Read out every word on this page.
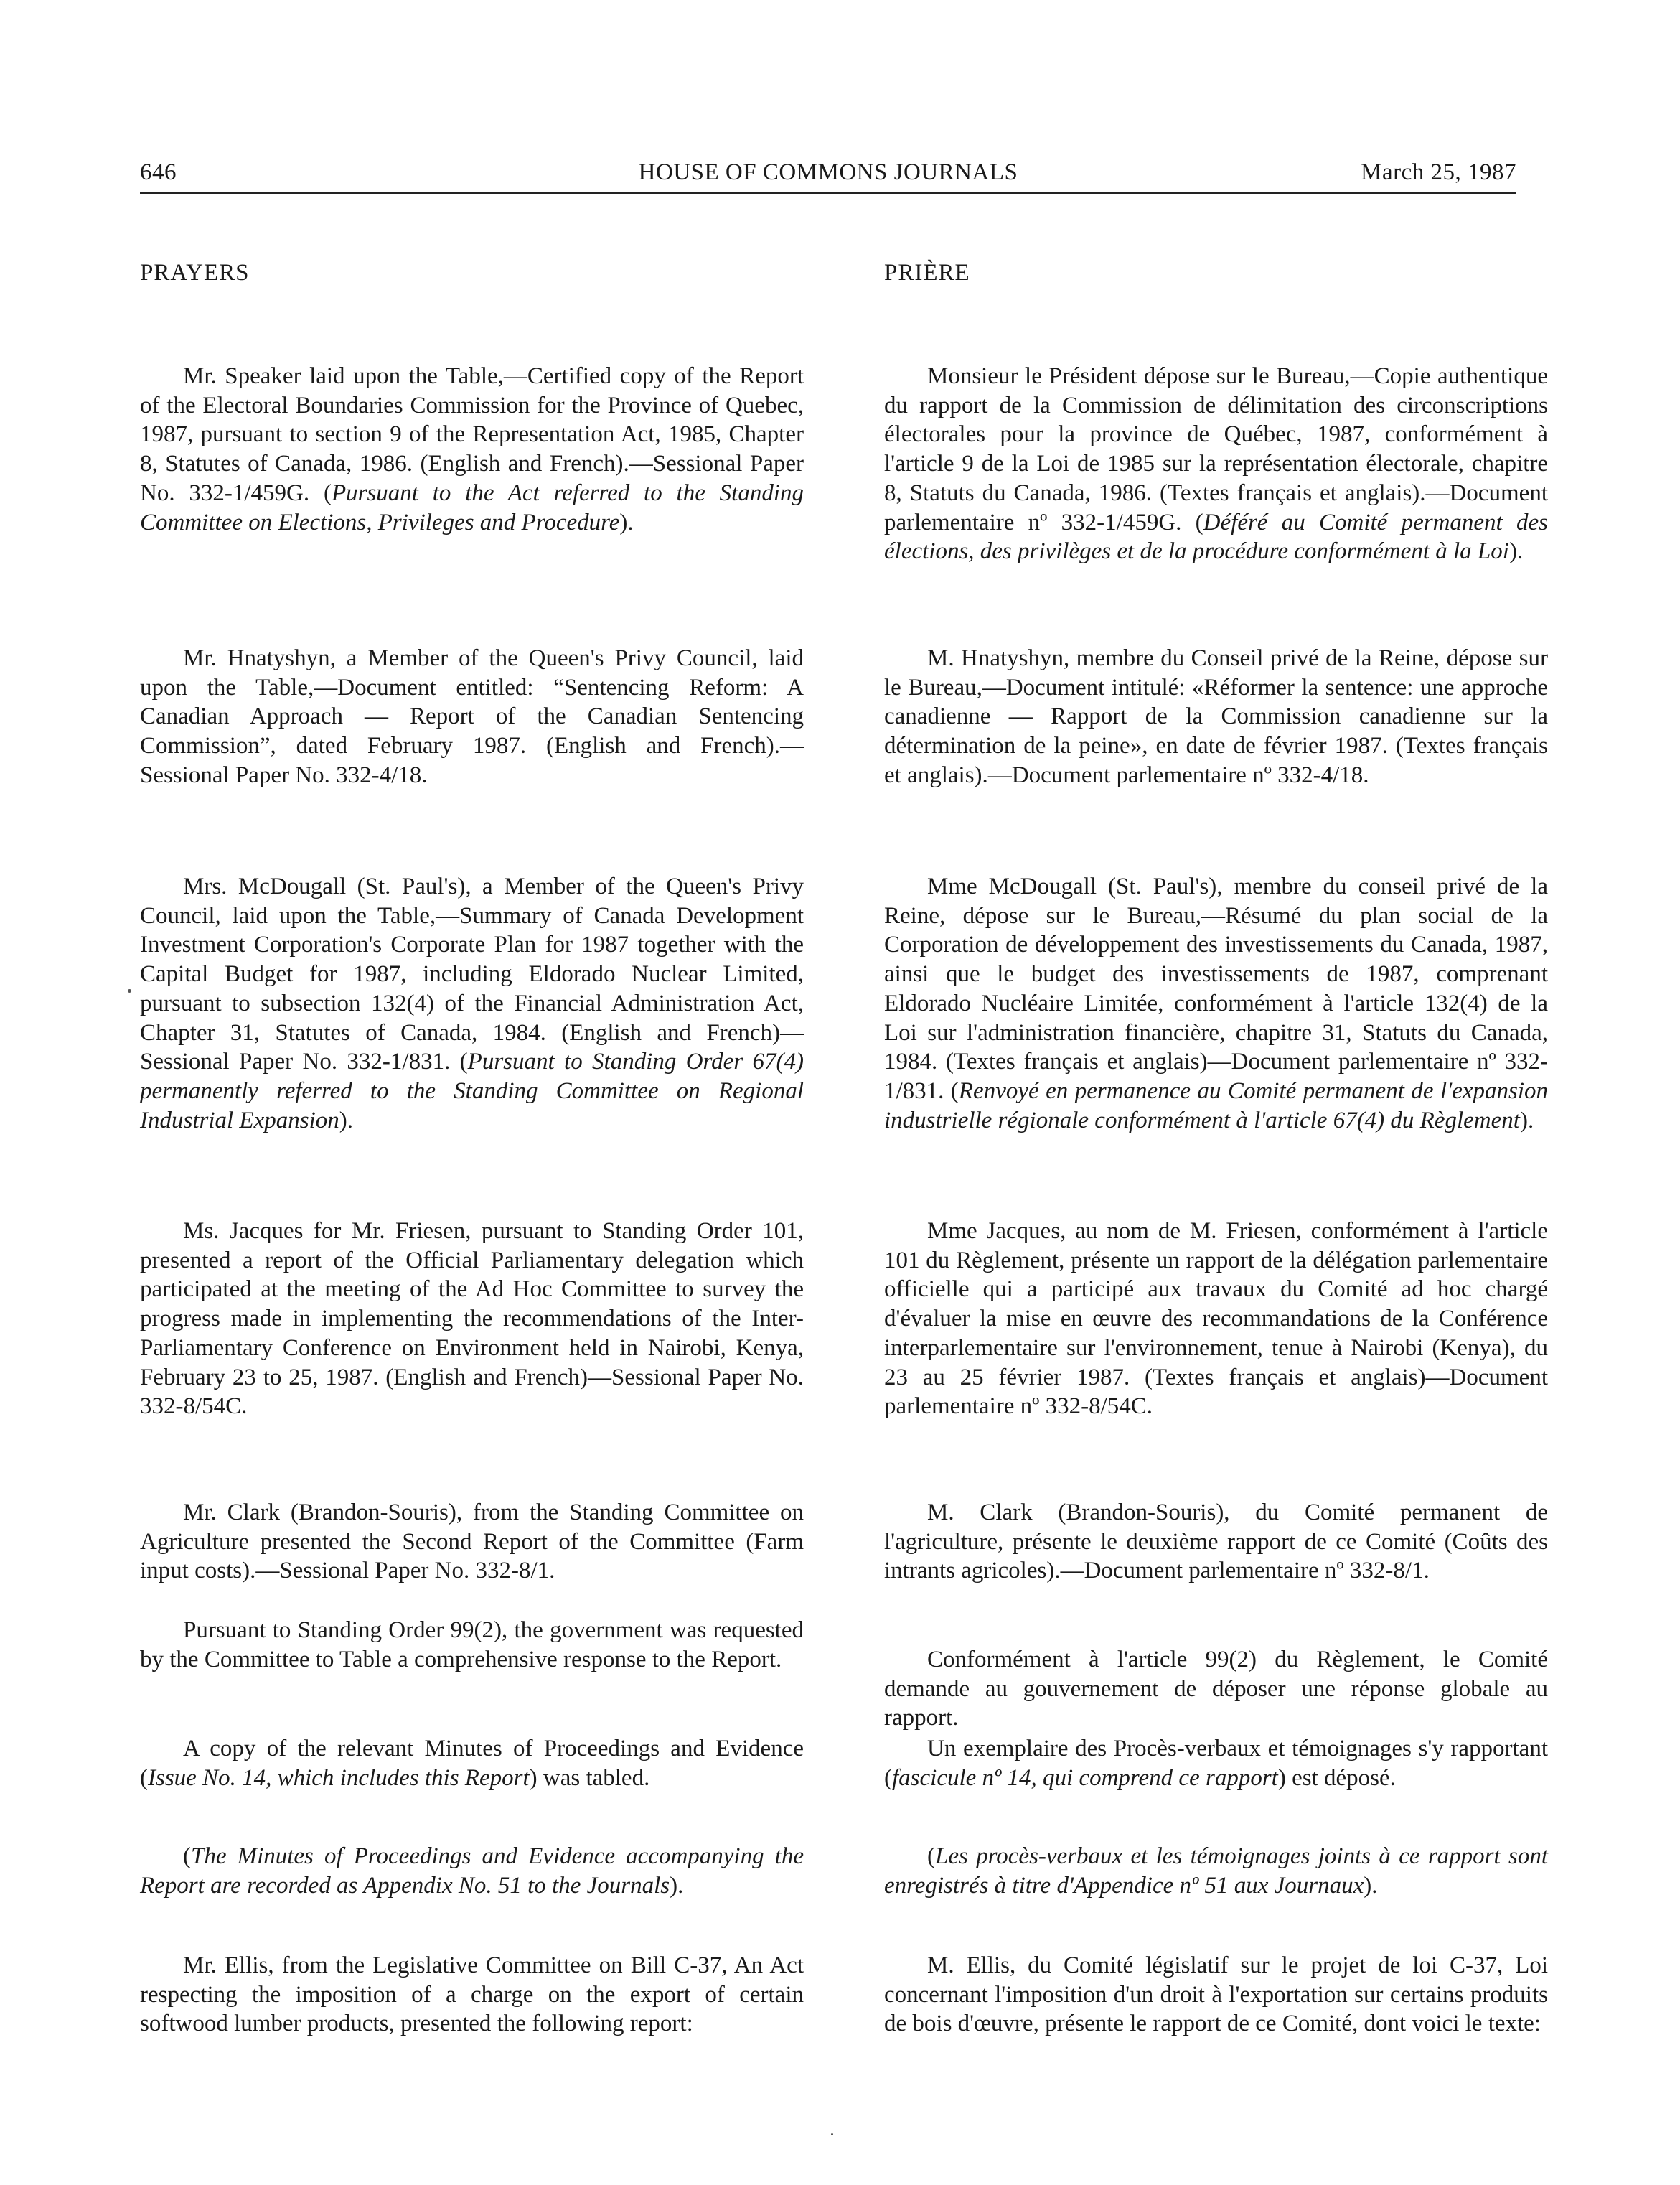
646	HOUSE OF COMMONS JOURNALS	March 25, 1987
PRAYERS

Mr. Speaker laid upon the Table,—Certified copy of the Report of the Electoral Boundaries Commission for the Province of Quebec, 1987, pursuant to section 9 of the Representation Act, 1985, Chapter 8, Statutes of Canada, 1986. (English and French).—Sessional Paper No. 332-1/459G. (Pursuant to the Act referred to the Standing Committee on Elections, Privileges and Procedure).

Mr. Hnatyshyn, a Member of the Queen's Privy Council, laid upon the Table,—Document entitled: “Sentencing Reform: A Canadian Approach — Report of the Canadian Sentencing Commission”, dated February 1987. (English and French).—Sessional Paper No. 332-4/18.

Mrs. McDougall (St. Paul's), a Member of the Queen's Privy Council, laid upon the Table,—Summary of Canada Development Investment Corporation's Corporate Plan for 1987 together with the Capital Budget for 1987, including Eldorado Nuclear Limited, pursuant to subsection 132(4) of the Financial Administration Act, Chapter 31, Statutes of Canada, 1984. (English and French)—Sessional Paper No. 332-1/831. (Pursuant to Standing Order 67(4) permanently referred to the Standing Committee on Regional Industrial Expansion).

Ms. Jacques for Mr. Friesen, pursuant to Standing Order 101, presented a report of the Official Parliamentary delegation which participated at the meeting of the Ad Hoc Committee to survey the progress made in implementing the recommendations of the Inter-Parliamentary Conference on Environment held in Nairobi, Kenya, February 23 to 25, 1987. (English and French)—Sessional Paper No. 332-8/54C.

Mr. Clark (Brandon-Souris), from the Standing Committee on Agriculture presented the Second Report of the Committee (Farm input costs).—Sessional Paper No. 332-8/1.

Pursuant to Standing Order 99(2), the government was requested by the Committee to Table a comprehensive response to the Report.

A copy of the relevant Minutes of Proceedings and Evidence (Issue No. 14, which includes this Report) was tabled.

(The Minutes of Proceedings and Evidence accompanying the Report are recorded as Appendix No. 51 to the Journals).

Mr. Ellis, from the Legislative Committee on Bill C-37, An Act respecting the imposition of a charge on the export of certain softwood lumber products, presented the following report:

PRIÈRE

Monsieur le Président dépose sur le Bureau,—Copie authentique du rapport de la Commission de délimitation des circonscriptions électorales pour la province de Québec, 1987, conformément à l'article 9 de la Loi de 1985 sur la représentation électorale, chapitre 8, Statuts du Canada, 1986. (Textes français et anglais).—Document parlementaire nº 332-1/459G. (Déféré au Comité permanent des élections, des privilèges et de la procédure conformément à la Loi).

M. Hnatyshyn, membre du Conseil privé de la Reine, dépose sur le Bureau,—Document intitulé: «Réformer la sentence: une approche canadienne — Rapport de la Commission canadienne sur la détermination de la peine», en date de février 1987. (Textes français et anglais).—Document parlementaire nº 332-4/18.

Mme McDougall (St. Paul's), membre du conseil privé de la Reine, dépose sur le Bureau,—Résumé du plan social de la Corporation de développement des investissements du Canada, 1987, ainsi que le budget des investissements de 1987, comprenant Eldorado Nucléaire Limitée, conformément à l'article 132(4) de la Loi sur l'administration financière, chapitre 31, Statuts du Canada, 1984. (Textes français et anglais)—Document parlementaire nº 332-1/831. (Renvoyé en permanence au Comité permanent de l'expansion industrielle régionale conformément à l'article 67(4) du Règlement).

Mme Jacques, au nom de M. Friesen, conformément à l'article 101 du Règlement, présente un rapport de la délégation parlementaire officielle qui a participé aux travaux du Comité ad hoc chargé d'évaluer la mise en œuvre des recommandations de la Conférence interparlementaire sur l'environnement, tenue à Nairobi (Kenya), du 23 au 25 février 1987. (Textes français et anglais)—Document parlementaire nº 332-8/54C.

M. Clark (Brandon-Souris), du Comité permanent de l'agriculture, présente le deuxième rapport de ce Comité (Coûts des intrants agricoles).—Document parlementaire nº 332-8/1.

Conformément à l'article 99(2) du Règlement, le Comité demande au gouvernement de déposer une réponse globale au rapport.

Un exemplaire des Procès-verbaux et témoignages s'y rapportant (fascicule nº 14, qui comprend ce rapport) est déposé.

(Les procès-verbaux et les témoignages joints à ce rapport sont enregistrés à titre d'Appendice nº 51 aux Journaux).

M. Ellis, du Comité législatif sur le projet de loi C-37, Loi concernant l'imposition d'un droit à l'exportation sur certains produits de bois d'œuvre, présente le rapport de ce Comité, dont voici le texte:
